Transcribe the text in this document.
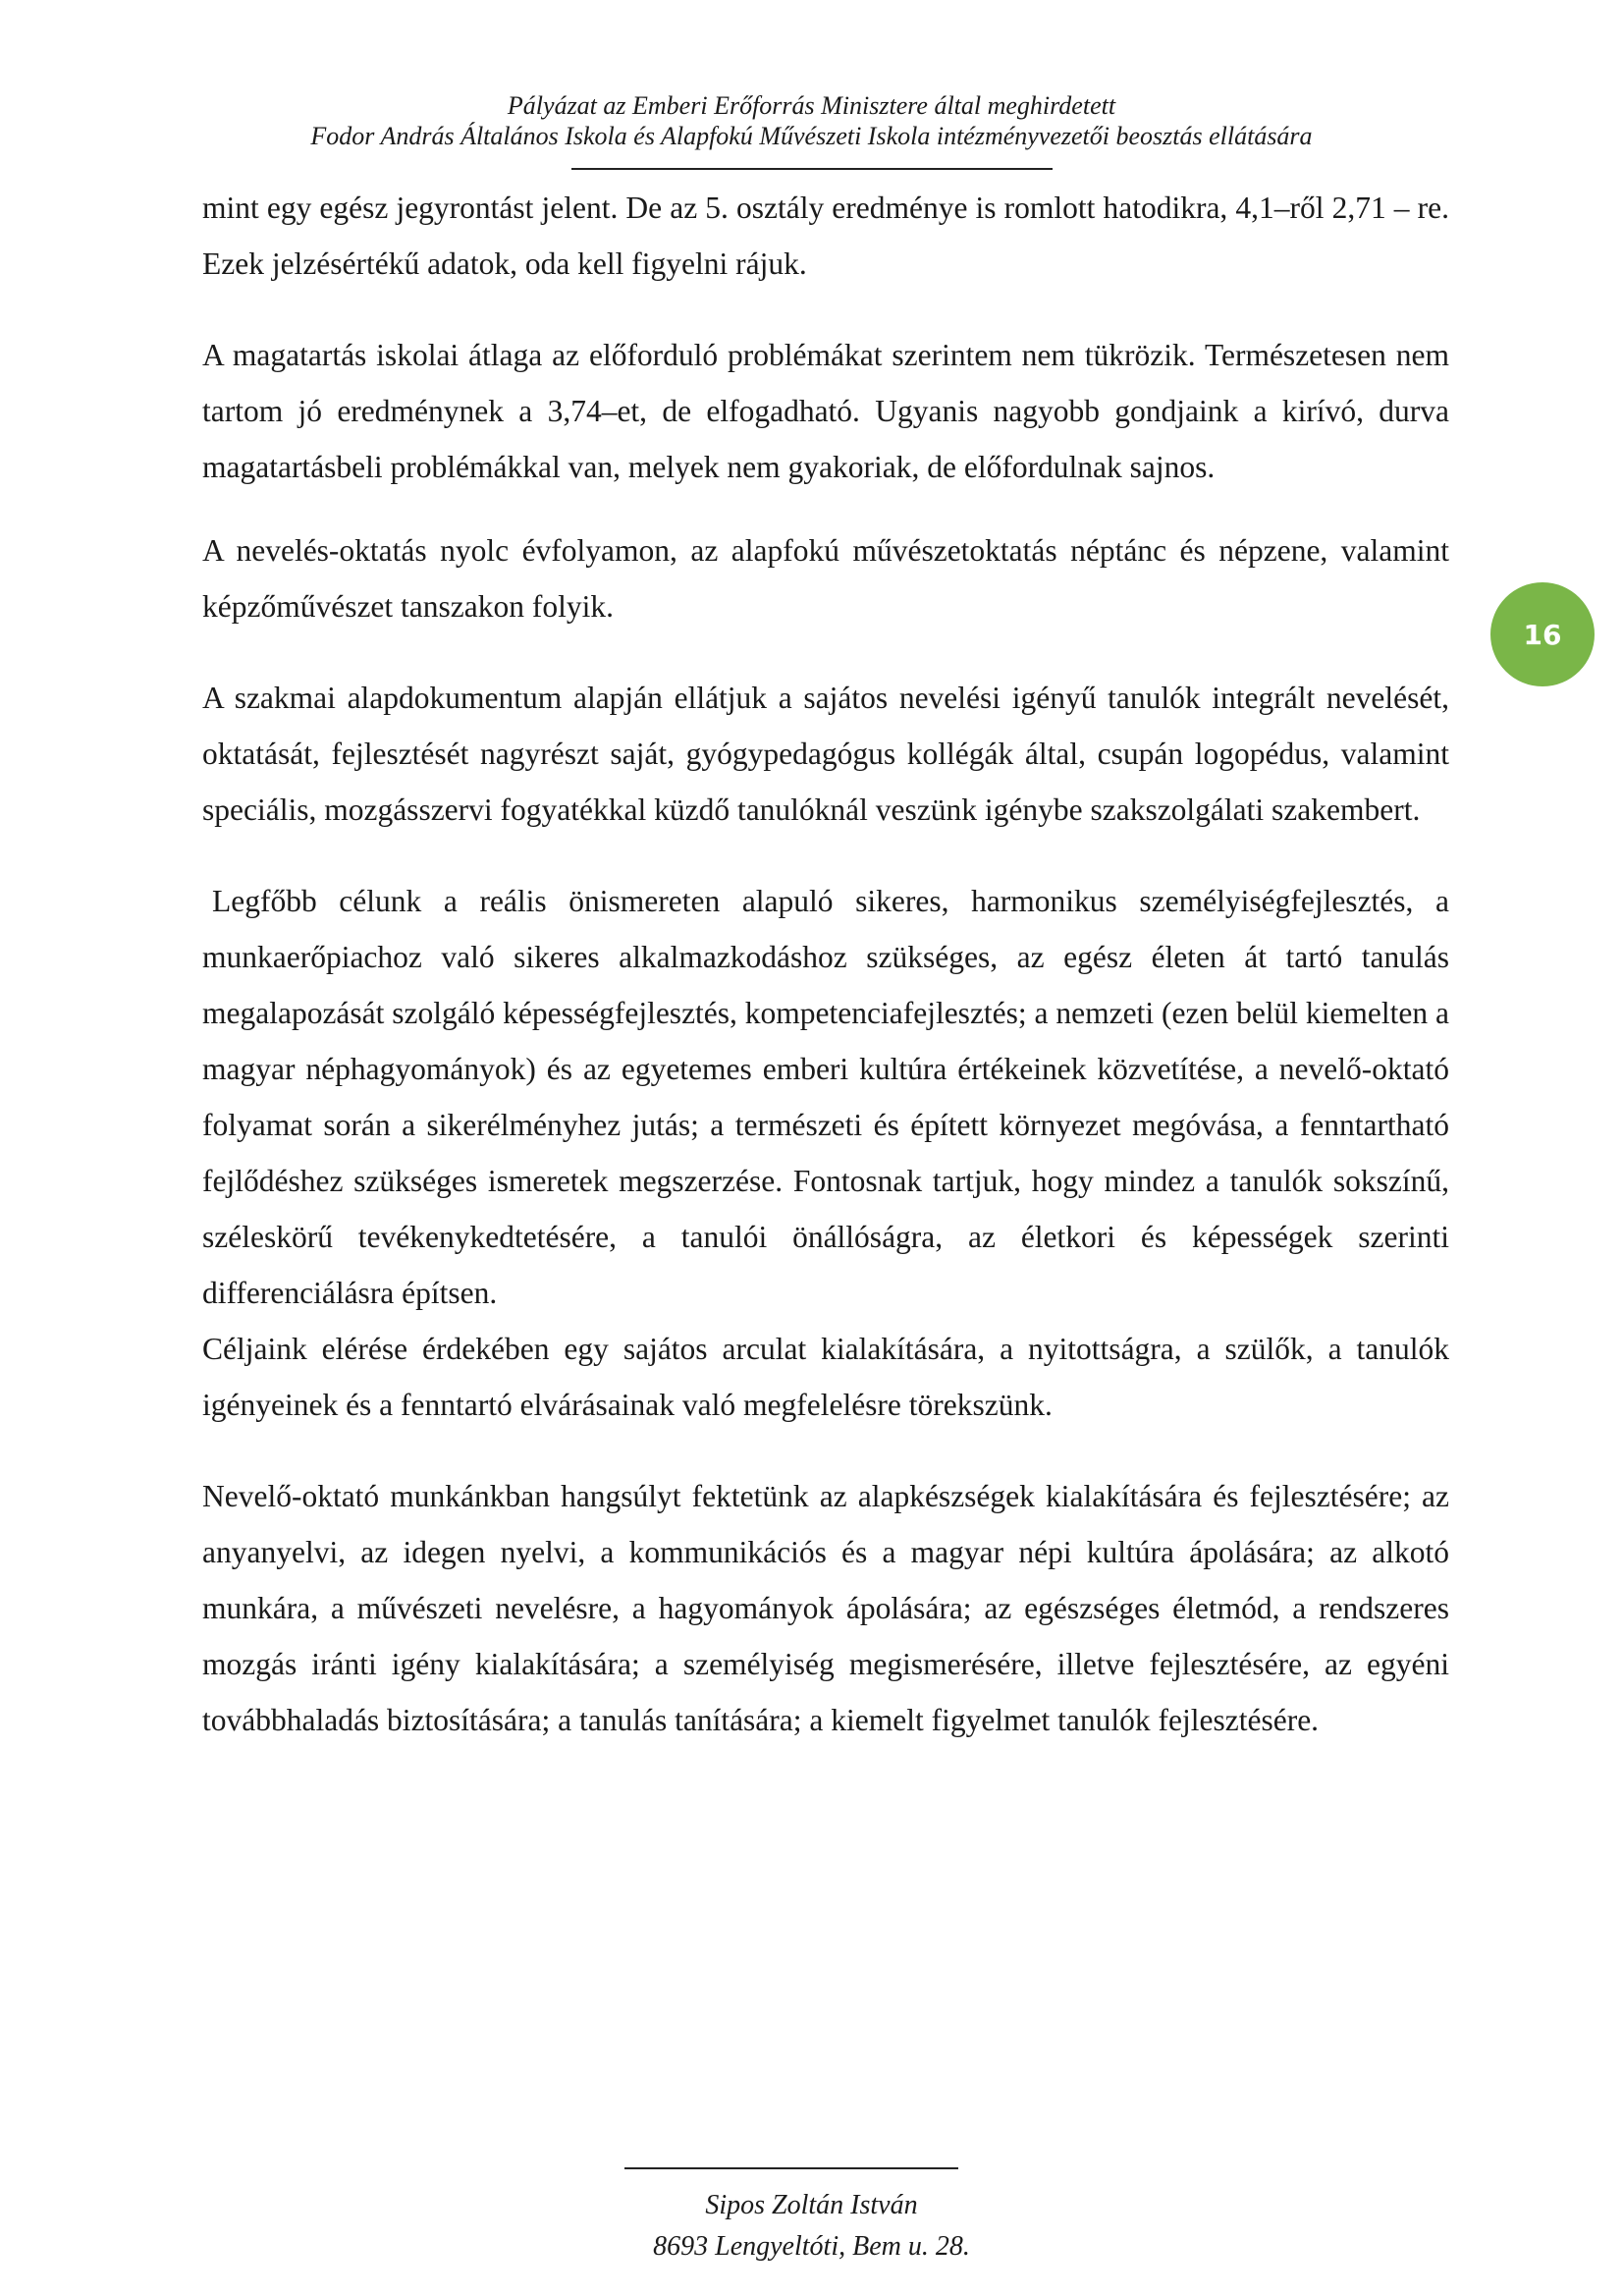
Pályázat az Emberi Erőforrás Minisztere által meghirdetett
Fodor András Általános Iskola és Alapfokú Művészeti Iskola intézményvezetői beosztás ellátására
16

mint egy egész jegyrontást jelent. De az 5. osztály eredménye is romlott hatodikra, 4,1–ről 2,71 – re. Ezek jelzésértékű adatok, oda kell figyelni rájuk.

A magatartás iskolai átlaga az előforduló problémákat szerintem nem tükrözik. Természetesen nem tartom jó eredménynek a 3,74–et, de elfogadható. Ugyanis nagyobb gondjaink a kirívó, durva magatartásbeli problémákkal van, melyek nem gyakoriak, de előfordulnak sajnos.

A nevelés-oktatás nyolc évfolyamon, az alapfokú művészetoktatás néptánc és népzene, valamint képzőművészet tanszakon folyik.

A szakmai alapdokumentum alapján ellátjuk a sajátos nevelési igényű tanulók integrált nevelését, oktatását, fejlesztését nagyrészt saját, gyógypedagógus kollégák által, csupán logopédus, valamint speciális, mozgásszervi fogyatékkal küzdő tanulóknál veszünk igénybe szakszolgálati szakembert.

Legfőbb célunk a reális önismereten alapuló sikeres, harmonikus személyiségfejlesztés, a munkaerőpiachoz való sikeres alkalmazkodáshoz szükséges, az egész életen át tartó tanulás megalapozását szolgáló képességfejlesztés, kompetenciafejlesztés; a nemzeti (ezen belül kiemelten a magyar néphagyományok) és az egyetemes emberi kultúra értékeinek közvetítése, a nevelő-oktató folyamat során a sikerélményhez jutás; a természeti és épített környezet megóvása, a fenntartható fejlődéshez szükséges ismeretek megszerzése. Fontosnak tartjuk, hogy mindez a tanulók sokszínű, széleskörű tevékenykedtetésére, a tanulói önállóságra, az életkori és képességek szerinti differenciálásra építsen.

Céljaink elérése érdekében egy sajátos arculat kialakítására, a nyitottságra, a szülők, a tanulók igényeinek és a fenntartó elvárásainak való megfelelésre törekszünk.

Nevelő-oktató munkánkban hangsúlyt fektetünk az alapkészségek kialakítására és fejlesztésére; az anyanyelvi, az idegen nyelvi, a kommunikációs és a magyar népi kultúra ápolására; az alkotó munkára, a művészeti nevelésre, a hagyományok ápolására; az egészséges életmód, a rendszeres mozgás iránti igény kialakítására; a személyiség megismerésére, illetve fejlesztésére, az egyéni továbbhaladás biztosítására; a tanulás tanítására; a kiemelt figyelmet tanulók fejlesztésére.

Sipos Zoltán István
8693 Lengyeltóti, Bem u. 28.
